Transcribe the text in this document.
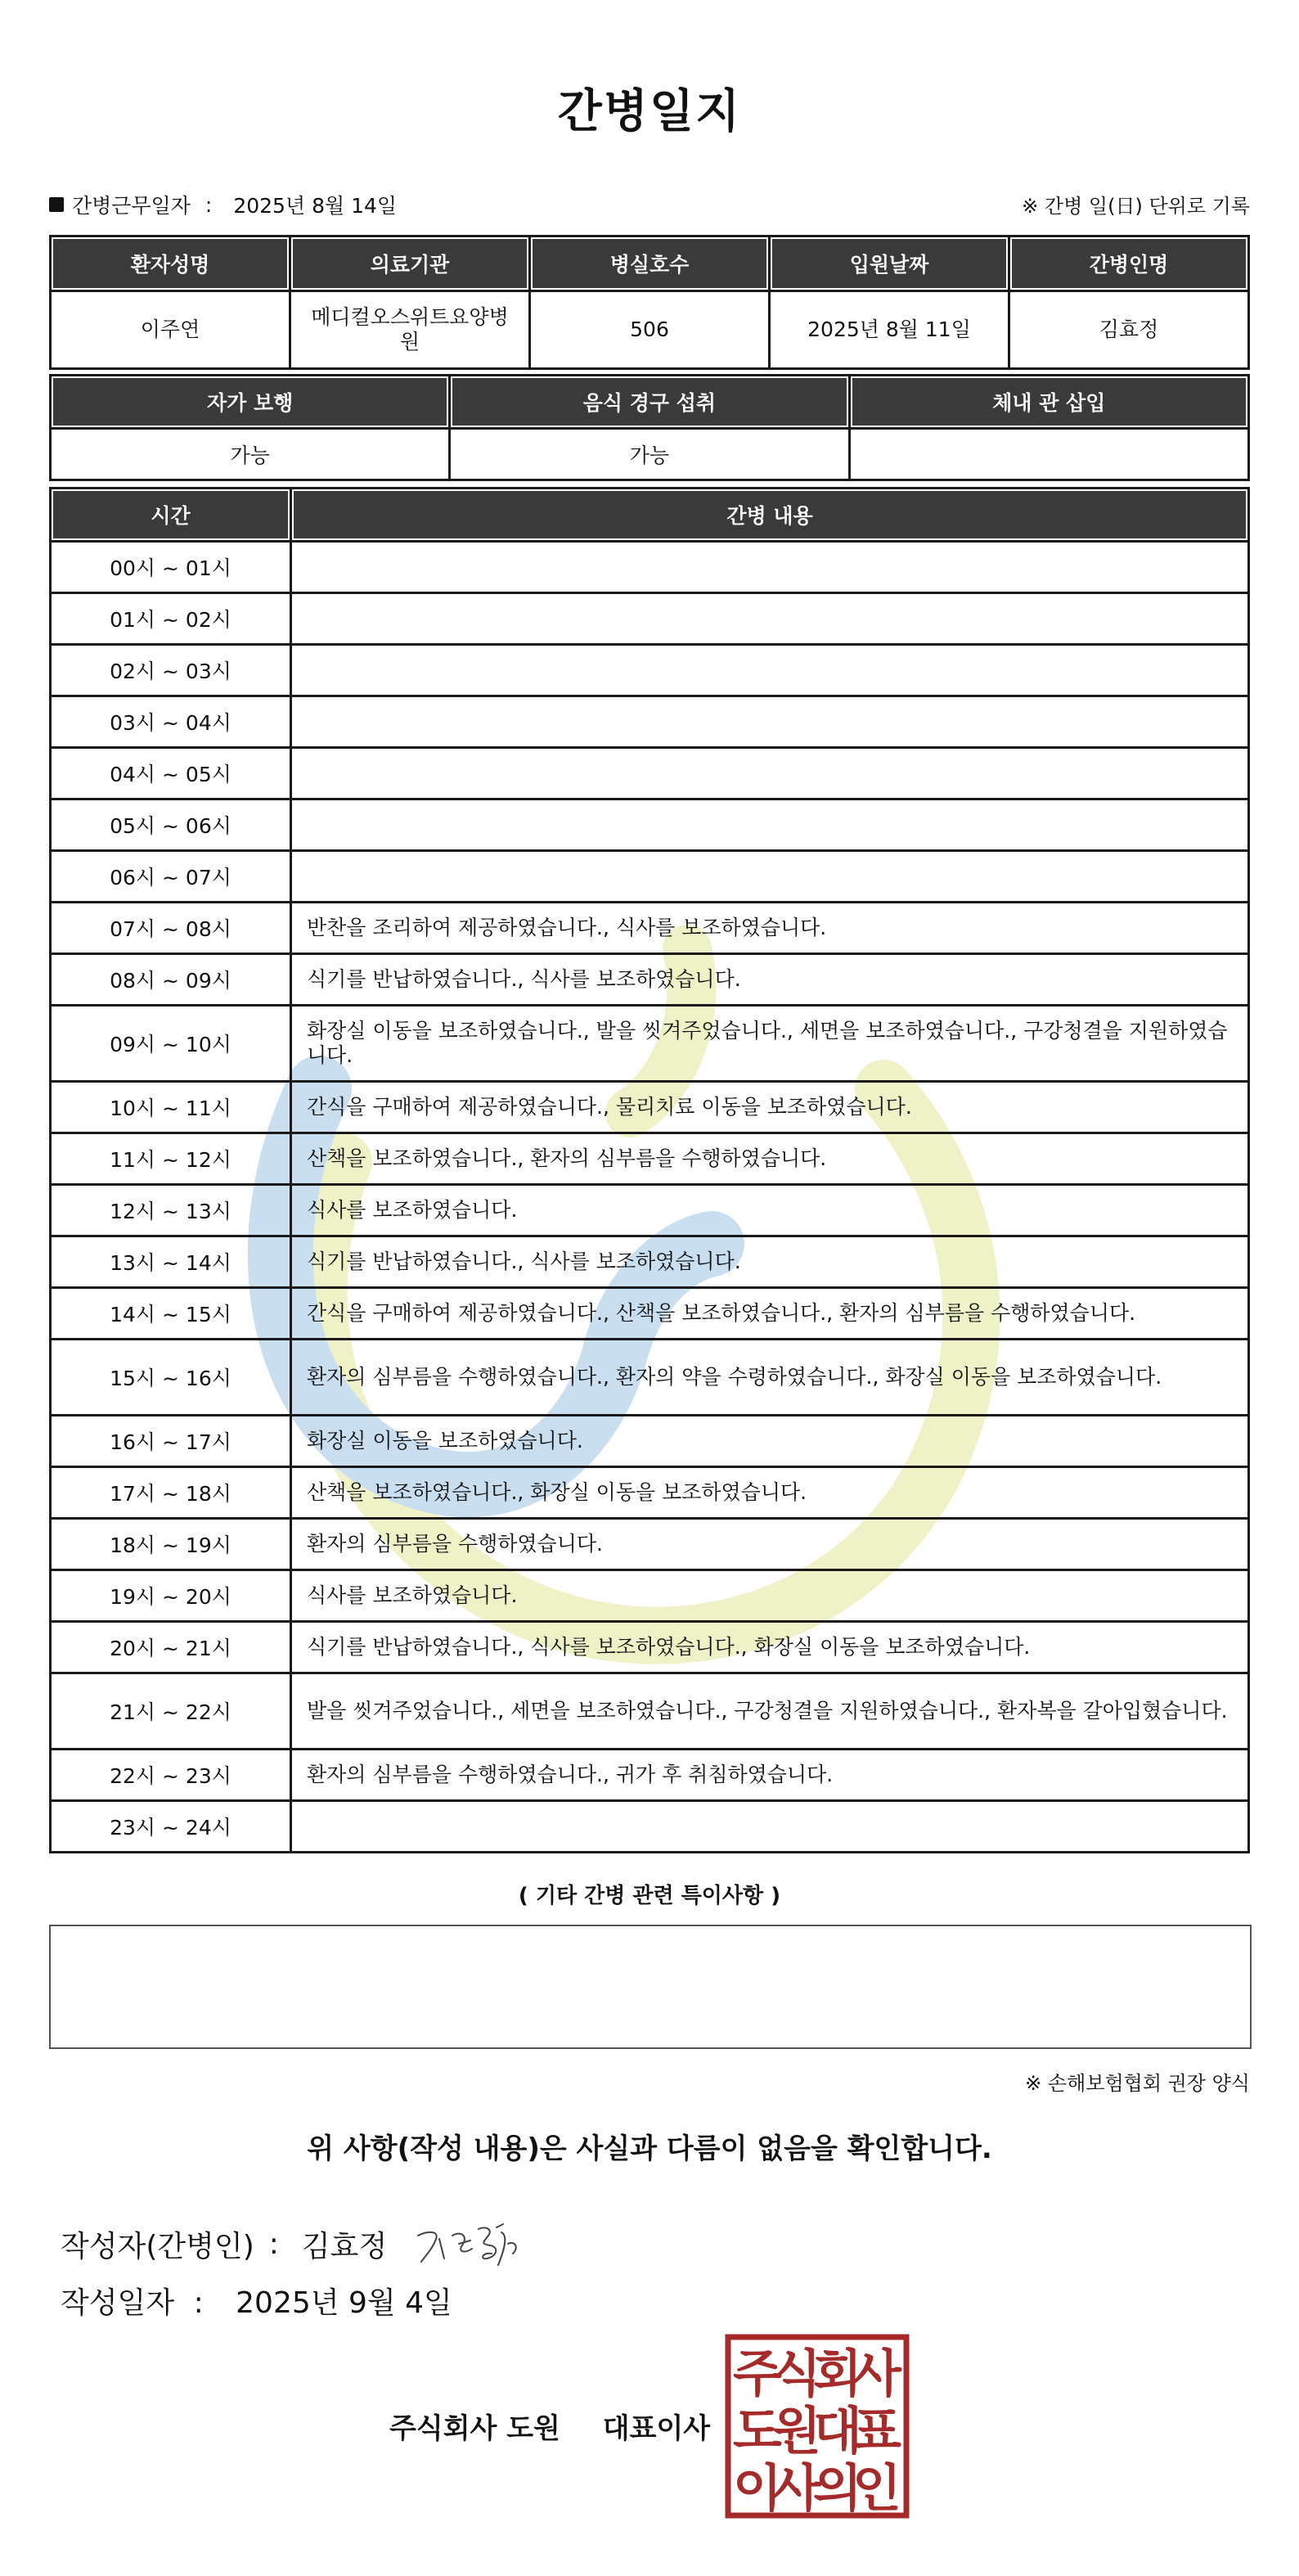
간병일지
간병근무일자 : 2025년 8월 14일	※ 간병 일(日) 단위로 기록
환자성명	의료기관	병실호수	입원날짜	간병인명
이주연	메디컬오스위트요양병원	506	2025년 8월 11일	김효정
자가 보행	음식 경구 섭취	체내 관 삽입
가능	가능	
시간	간병 내용
00시 ~ 01시	
01시 ~ 02시	
02시 ~ 03시	
03시 ~ 04시	
04시 ~ 05시	
05시 ~ 06시	
06시 ~ 07시	
07시 ~ 08시	반찬을 조리하여 제공하였습니다., 식사를 보조하였습니다.
08시 ~ 09시	식기를 반납하였습니다., 식사를 보조하였습니다.
09시 ~ 10시	화장실 이동을 보조하였습니다., 발을 씻겨주었습니다., 세면을 보조하였습니다., 구강청결을 지원하였습니다.
10시 ~ 11시	간식을 구매하여 제공하였습니다., 물리치료 이동을 보조하였습니다.
11시 ~ 12시	산책을 보조하였습니다., 환자의 심부름을 수행하였습니다.
12시 ~ 13시	식사를 보조하였습니다.
13시 ~ 14시	식기를 반납하였습니다., 식사를 보조하였습니다.
14시 ~ 15시	간식을 구매하여 제공하였습니다., 산책을 보조하였습니다., 환자의 심부름을 수행하였습니다.
15시 ~ 16시	환자의 심부름을 수행하였습니다., 환자의 약을 수령하였습니다., 화장실 이동을 보조하였습니다.
16시 ~ 17시	화장실 이동을 보조하였습니다.
17시 ~ 18시	산책을 보조하였습니다., 화장실 이동을 보조하였습니다.
18시 ~ 19시	환자의 심부름을 수행하였습니다.
19시 ~ 20시	식사를 보조하였습니다.
20시 ~ 21시	식기를 반납하였습니다., 식사를 보조하였습니다., 화장실 이동을 보조하였습니다.
21시 ~ 22시	발을 씻겨주었습니다., 세면을 보조하였습니다., 구강청결을 지원하였습니다., 환자복을 갈아입혔습니다.
22시 ~ 23시	환자의 심부름을 수행하였습니다., 귀가 후 취침하였습니다.
23시 ~ 24시	
( 기타 간병 관련 특이사항 )
※ 손해보험협회 권장 양식
위 사항(작성 내용)은 사실과 다름이 없음을 확인합니다.
작성자(간병인) : 김효정
작성일자 : 2025년 9월 4일
주식회사 도원 대표이사
주
식
회
사
도
원
대
표
이
사
의
인
